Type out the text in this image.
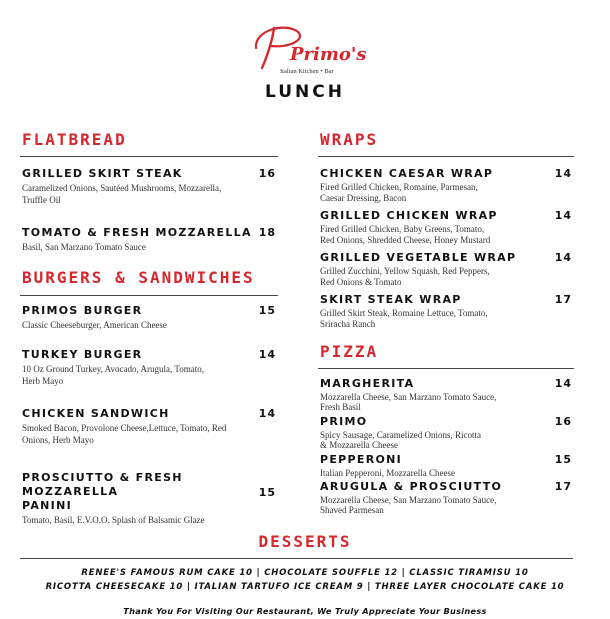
Primo's
Italian Kitchen • Bar
LUNCH
FLATBREAD
GRILLED SKIRT STEAK
Caramelized Onions, Sautéed Mushrooms, Mozzarella,
Truffle Oil
16
TOMATO & FRESH MOZZARELLA
Basil, San Marzano Tomato Sauce
18
BURGERS & SANDWICHES
PRIMOS BURGER
Classic Cheeseburger, American Cheese
15
TURKEY BURGER
10 Oz Ground Turkey, Avocado, Arugula, Tomato,
Herb Mayo
14
CHICKEN SANDWICH
Smoked Bacon, Provolone Cheese,Lettuce, Tomato, Red
Onions, Herb Mayo
14
PROSCIUTTO & FRESH MOZZARELLA
PANINI
Tomato, Basil, E.V.O.O. Splash of Balsamic Glaze
15
WRAPS
CHICKEN CAESAR WRAP
Fired Grilled Chicken, Romaine, Parmesan,
Caesar Dressing, Bacon
14
GRILLED CHICKEN WRAP
Fired Grilled Chicken, Baby Greens, Tomato,
Red Onions, Shredded Cheese, Honey Mustard
14
GRILLED VEGETABLE WRAP
Grilled Zucchini, Yellow Squash, Red Peppers,
Red Onions & Tomato
14
SKIRT STEAK WRAP
Grilled Skirt Steak, Romaine Lettuce, Tomato,
Sriracha Ranch
17
PIZZA
MARGHERITA
Mozzarella Cheese, San Marzano Tomato Sauce,
Fresh Basil
14
PRIMO
Spicy Sausage, Caramelized Onions, Ricotta
& Mozzarella Cheese
16
PEPPERONI
Italian Pepperoni, Mozzarella Cheese
15
ARUGULA & PROSCIUTTO
Mozzarella Cheese, San Marzano Tomato Sauce,
Shaved Parmesan
17
DESSERTS
RENEE'S FAMOUS RUM CAKE 10 | CHOCOLATE SOUFFLE 12 | CLASSIC TIRAMISU 10
RICOTTA CHEESECAKE 10 | ITALIAN TARTUFO ICE CREAM 9 | THREE LAYER CHOCOLATE CAKE 10
Thank You For Visiting Our Restaurant, We Truly Appreciate Your Business
